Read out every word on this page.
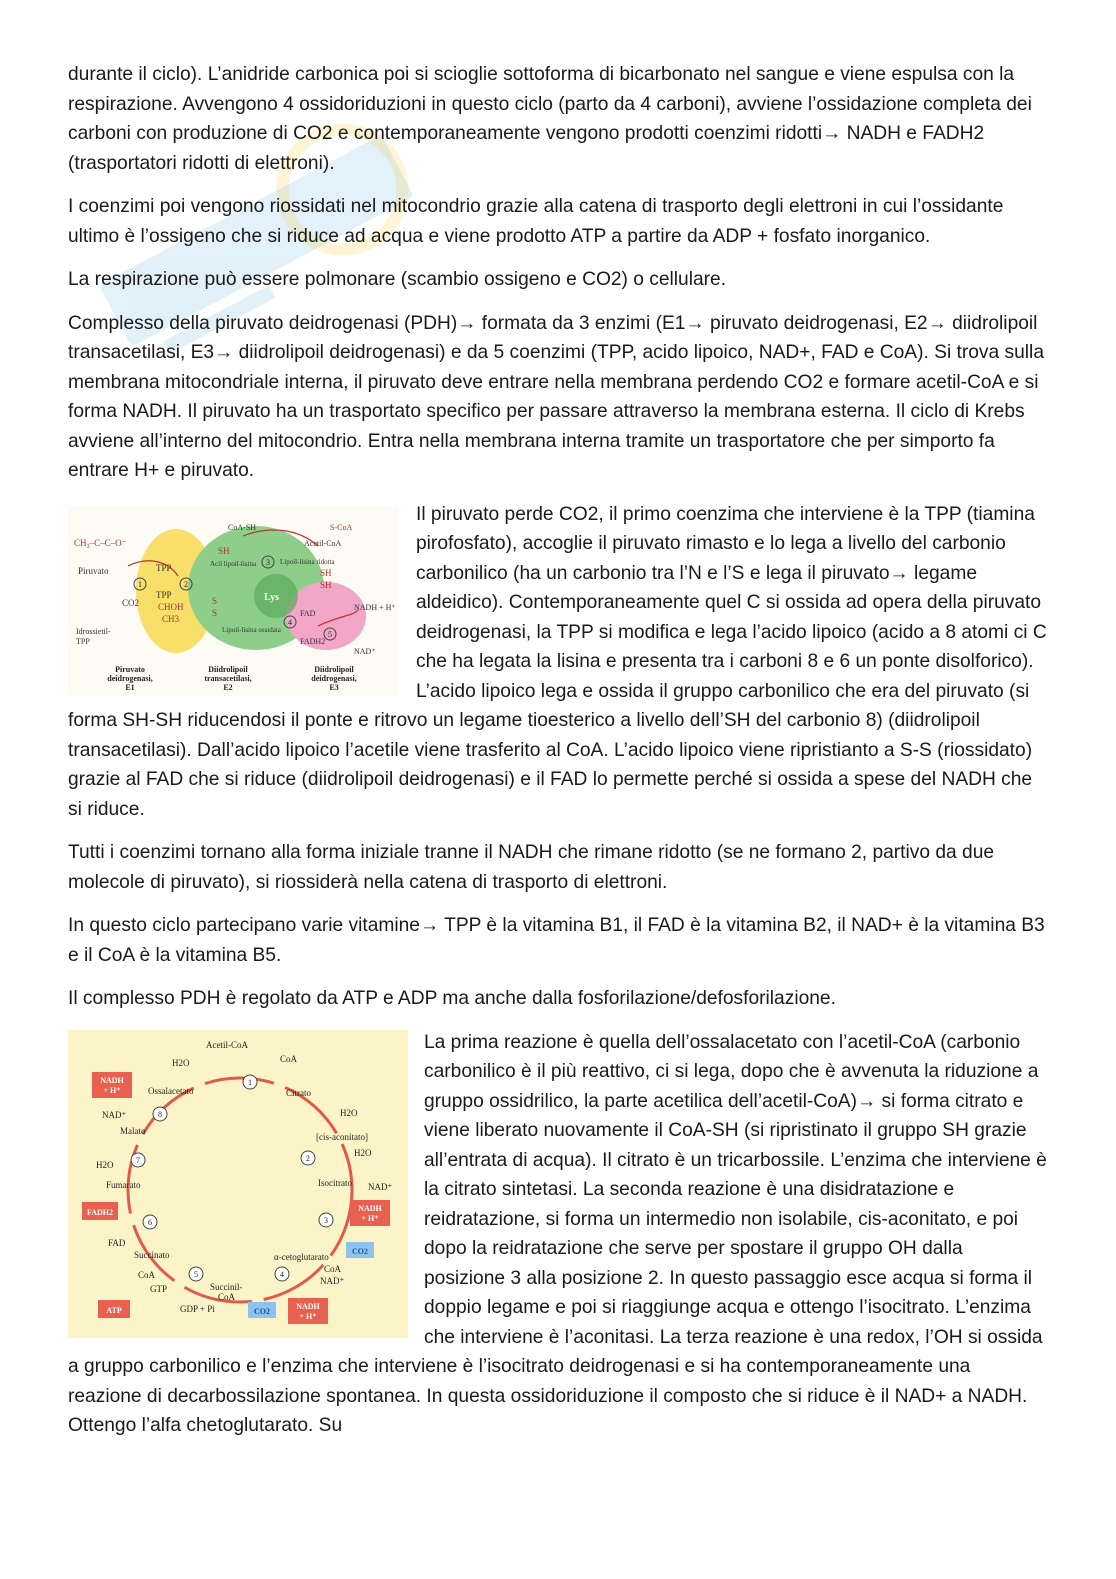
durante il ciclo). L’anidride carbonica poi si scioglie sottoforma di bicarbonato nel sangue e viene espulsa con la respirazione. Avvengono 4 ossidoriduzioni in questo ciclo (parto da 4 carboni), avviene l’ossidazione completa dei carboni con produzione di CO2 e contemporaneamente vengono prodotti coenzimi ridotti→ NADH e FADH2 (trasportatori ridotti di elettroni).

I coenzimi poi vengono riossidati nel mitocondrio grazie alla catena di trasporto degli elettroni in cui l’ossidante ultimo è l’ossigeno che si riduce ad acqua e viene prodotto ATP a partire da ADP + fosfato inorganico.

La respirazione può essere polmonare (scambio ossigeno e CO2) o cellulare.

Complesso della piruvato deidrogenasi (PDH)→ formata da 3 enzimi (E1→ piruvato deidrogenasi, E2→ diidrolipoil transacetilasi, E3→ diidrolipoil deidrogenasi) e da 5 coenzimi (TPP, acido lipoico, NAD+, FAD e CoA). Si trova sulla membrana mitocondriale interna, il piruvato deve entrare nella membrana perdendo CO2 e formare acetil-CoA e si forma NADH. Il piruvato ha un trasportato specifico per passare attraverso la membrana esterna. Il ciclo di Krebs avviene all’interno del mitocondrio. Entra nella membrana interna tramite un trasportatore che per simporto fa entrare H+ e piruvato.

CH₃–C–C–O⁻
Piruvato	TPP
TPP
CHOH
CH3
CO2
Idrossietil-
TPP
CoA-SH
Acetil-CoA
S-CoA
Lys
Acil lipoil-lisina	Lipoil-lisina ridotta
Lipoil-lisina ossidata
SH
SH
SH
S
S	FAD
FADH2
NADH + H⁺
NAD⁺
Piruvato
deidrogenasi,
E1
Diidrolipoil
transacetilasi,
E2
Diidrolipoil
deidrogenasi,
E3
1	2
3
4
5

Il piruvato perde CO2, il primo coenzima che interviene è la TPP (tiamina pirofosfato), accoglie il piruvato rimasto e lo lega a livello del carbonio carbonilico (ha un carbonio tra l’N e l’S e lega il piruvato→ legame aldeidico). Contemporaneamente quel C si ossida ad opera della piruvato deidrogenasi, la TPP si modifica e lega l’acido lipoico (acido a 8 atomi ci C che ha legata la lisina e presenta tra i carboni 8 e 6 un ponte disolforico). L’acido lipoico lega e ossida il gruppo carbonilico che era del piruvato (si forma SH-SH riducendosi il ponte e ritrovo un legame tioesterico a livello dell’SH del carbonio 8) (diidrolipoil transacetilasi). Dall’acido lipoico l’acetile viene trasferito al CoA. L’acido lipoico viene ripristianto a S-S (riossidato) grazie al FAD che si riduce (diidrolipoil deidrogenasi) e il FAD lo permette perché si ossida a spese del NADH che si riduce.

Tutti i coenzimi tornano alla forma iniziale tranne il NADH che rimane ridotto (se ne formano 2, partivo da due molecole di piruvato), si riossiderà nella catena di trasporto di elettroni.

In questo ciclo partecipano varie vitamine→ TPP è la vitamina B1, il FAD è la vitamina B2, il NAD+ è la vitamina B3 e il CoA è la vitamina B5.

Il complesso PDH è regolato da ATP e ADP ma anche dalla fosforilazione/defosforilazione.

Acetil-CoA
CoA
H2O
Citrato
H2O
[cis-aconitato]
H2O
Isocitrato NAD⁺
α-cetoglutarato
CoA
NAD⁺
Succinil-
CoA
GDP + Pi
GTP
CoA
Succinato
FAD
Fumarato
H2O
Malato
NAD⁺
Ossalacetato
NADH
+ H⁺
NADH
+ H⁺
NADH
+ H⁺
FADH2
ATP
CO2
CO2
1
2
3
4
5
6
7
8

La prima reazione è quella dell’ossalacetato con l’acetil-CoA (carbonio carbonilico è il più reattivo, ci si lega, dopo che è avvenuta la riduzione a gruppo ossidrilico, la parte acetilica dell’acetil-CoA)→ si forma citrato e viene liberato nuovamente il CoA-SH (si ripristinato il gruppo SH grazie all’entrata di acqua). Il citrato è un tricarbossile. L’enzima che interviene è la citrato sintetasi. La seconda reazione è una disidratazione e reidratazione, si forma un intermedio non isolabile, cis-aconitato, e poi dopo la reidratazione che serve per spostare il gruppo OH dalla posizione 3 alla posizione 2. In questo passaggio esce acqua si forma il doppio legame e poi si riaggiunge acqua e ottengo l’isocitrato. L’enzima che interviene è l’aconitasi. La terza reazione è una redox, l’OH si ossida a gruppo carbonilico e l’enzima che interviene è l’isocitrato deidrogenasi e si ha contemporaneamente una reazione di decarbossilazione spontanea. In questa ossidoriduzione il composto che si riduce è il NAD+ a NADH. Ottengo l’alfa chetoglutarato. Su
